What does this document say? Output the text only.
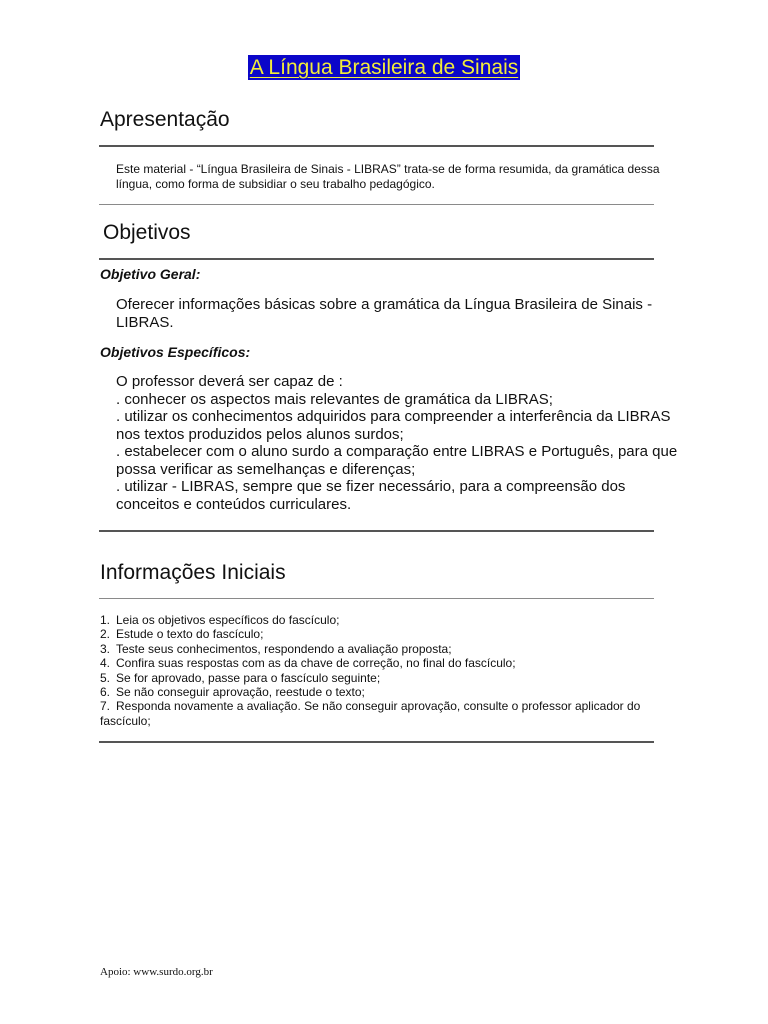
A Língua Brasileira de Sinais
Apresentação

Este material - “Língua Brasileira de Sinais - LIBRAS” trata-se de forma resumida, da gramática dessa língua, como forma de subsidiar o seu trabalho pedagógico.

Objetivos

Objetivo Geral:

Oferecer informações básicas sobre a gramática da Língua Brasileira de Sinais - LIBRAS.

Objetivos Específicos:

O professor deverá ser capaz de :
. conhecer os aspectos mais relevantes de gramática da LIBRAS;
. utilizar os conhecimentos adquiridos para compreender a interferência da LIBRAS nos textos produzidos pelos alunos surdos;
. estabelecer com o aluno surdo a comparação entre LIBRAS e Português, para que possa verificar as semelhanças e diferenças;
. utilizar - LIBRAS, sempre que se fizer necessário, para a compreensão dos conceitos e conteúdos curriculares.
Informações Iniciais
1. Leia os objetivos específicos do fascículo;
2. Estude o texto do fascículo;
3. Teste seus conhecimentos, respondendo a avaliação proposta;
4. Confira suas respostas com as da chave de correção, no final do fascículo;
5. Se for aprovado, passe para o fascículo seguinte;
6. Se não conseguir aprovação, reestude o texto;
7. Responda novamente a avaliação. Se não conseguir aprovação, consulte o professor aplicador do fascículo;
Apoio: www.surdo.org.br
